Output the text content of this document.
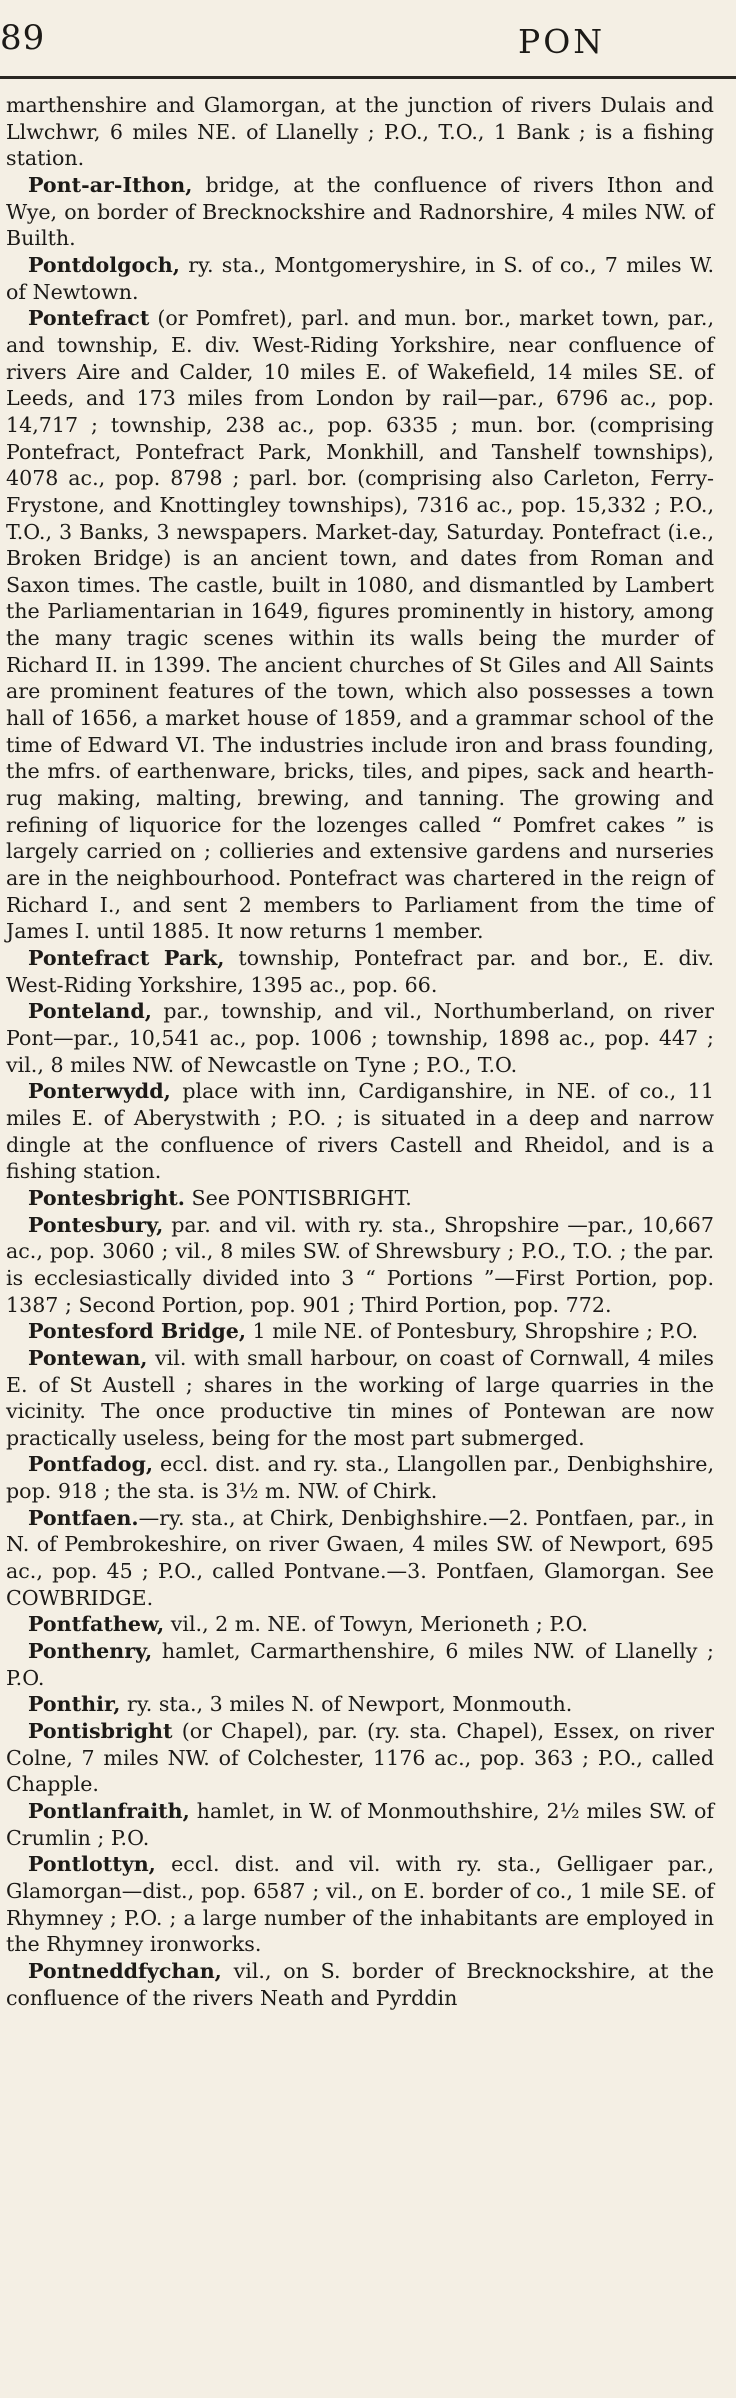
89	PON

marthenshire and Glamorgan, at the junction of rivers Dulais and Llwchwr, 6 miles NE. of Llanelly ; P.O., T.O., 1 Bank ; is a fishing station.

Pont-ar-Ithon, bridge, at the confluence of rivers Ithon and Wye, on border of Brecknockshire and Radnorshire, 4 miles NW. of Builth.

Pontdolgoch, ry. sta., Montgomeryshire, in S. of co., 7 miles W. of Newtown.

Pontefract (or Pomfret), parl. and mun. bor., market town, par., and township, E. div. West-Riding Yorkshire, near confluence of rivers Aire and Calder, 10 miles E. of Wakefield, 14 miles SE. of Leeds, and 173 miles from London by rail—par., 6796 ac., pop. 14,717 ; township, 238 ac., pop. 6335 ; mun. bor. (comprising Pontefract, Pontefract Park, Monkhill, and Tanshelf townships), 4078 ac., pop. 8798 ; parl. bor. (comprising also Carleton, Ferry-Frystone, and Knottingley townships), 7316 ac., pop. 15,332 ; P.O., T.O., 3 Banks, 3 newspapers. Market-day, Saturday. Pontefract (i.e., Broken Bridge) is an ancient town, and dates from Roman and Saxon times. The castle, built in 1080, and dismantled by Lambert the Parliamentarian in 1649, figures prominently in history, among the many tragic scenes within its walls being the murder of Richard II. in 1399. The ancient churches of St Giles and All Saints are prominent features of the town, which also possesses a town hall of 1656, a market house of 1859, and a grammar school of the time of Edward VI. The industries include iron and brass founding, the mfrs. of earthenware, bricks, tiles, and pipes, sack and hearth-rug making, malting, brewing, and tanning. The growing and refining of liquorice for the lozenges called “ Pomfret cakes ” is largely carried on ; collieries and extensive gardens and nurseries are in the neighbourhood. Pontefract was chartered in the reign of Richard I., and sent 2 members to Parliament from the time of James I. until 1885. It now returns 1 member.

Pontefract Park, township, Pontefract par. and bor., E. div. West-Riding Yorkshire, 1395 ac., pop. 66.

Ponteland, par., township, and vil., Northumberland, on river Pont—par., 10,541 ac., pop. 1006 ; township, 1898 ac., pop. 447 ; vil., 8 miles NW. of Newcastle on Tyne ; P.O., T.O.

Ponterwydd, place with inn, Cardiganshire, in NE. of co., 11 miles E. of Aberystwith ; P.O. ; is situated in a deep and narrow dingle at the confluence of rivers Castell and Rheidol, and is a fishing station.

Pontesbright. See PONTISBRIGHT.

Pontesbury, par. and vil. with ry. sta., Shropshire —par., 10,667 ac., pop. 3060 ; vil., 8 miles SW. of Shrewsbury ; P.O., T.O. ; the par. is ecclesiastically divided into 3 “ Portions ”—First Portion, pop. 1387 ; Second Portion, pop. 901 ; Third Portion, pop. 772.

Pontesford Bridge, 1 mile NE. of Pontesbury, Shropshire ; P.O.

Pontewan, vil. with small harbour, on coast of Cornwall, 4 miles E. of St Austell ; shares in the working of large quarries in the vicinity. The once productive tin mines of Pontewan are now practically useless, being for the most part submerged.

Pontfadog, eccl. dist. and ry. sta., Llangollen par., Denbighshire, pop. 918 ; the sta. is 3½ m. NW. of Chirk.

Pontfaen.—ry. sta., at Chirk, Denbighshire.—2. Pontfaen, par., in N. of Pembrokeshire, on river Gwaen, 4 miles SW. of Newport, 695 ac., pop. 45 ; P.O., called Pontvane.—3. Pontfaen, Glamorgan. See COWBRIDGE.

Pontfathew, vil., 2 m. NE. of Towyn, Merioneth ; P.O.

Ponthenry, hamlet, Carmarthenshire, 6 miles NW. of Llanelly ; P.O.

Ponthir, ry. sta., 3 miles N. of Newport, Monmouth.

Pontisbright (or Chapel), par. (ry. sta. Chapel), Essex, on river Colne, 7 miles NW. of Colchester, 1176 ac., pop. 363 ; P.O., called Chapple.

Pontlanfraith, hamlet, in W. of Monmouthshire, 2½ miles SW. of Crumlin ; P.O.

Pontlottyn, eccl. dist. and vil. with ry. sta., Gelligaer par., Glamorgan—dist., pop. 6587 ; vil., on E. border of co., 1 mile SE. of Rhymney ; P.O. ; a large number of the inhabitants are employed in the Rhymney ironworks.

Pontneddfychan, vil., on S. border of Brecknockshire, at the confluence of the rivers Neath and Pyrddin
